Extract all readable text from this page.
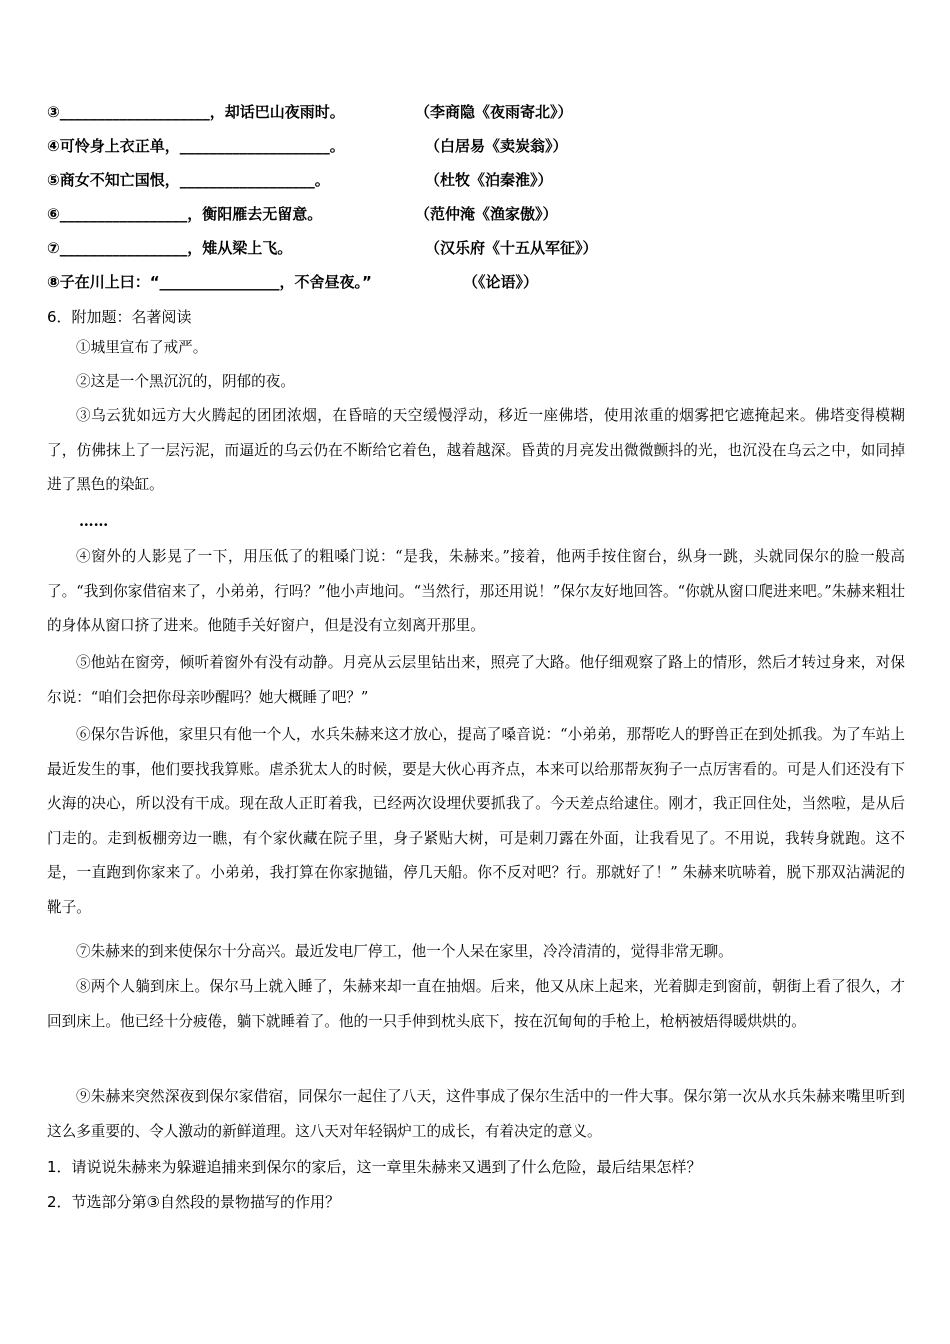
③____________________，却话巴山夜雨时。	（李商隐《夜雨寄北》）
④可怜身上衣正单，____________________。	（白居易《卖炭翁》）
⑤商女不知亡国恨，__________________。	（杜牧《泊秦淮》）
⑥_________________，衡阳雁去无留意。	（范仲淹《渔家傲》）
⑦_________________，雉从梁上飞。	（汉乐府《十五从军征》）
⑧子在川上曰：“________________，不舍昼夜。”	（《论语》）
6．附加题：名著阅读
①城里宣布了戒严。
②这是一个黑沉沉的，阴郁的夜。
③乌云犹如远方大火腾起的团团浓烟，在昏暗的天空缓慢浮动，移近一座佛塔，使用浓重的烟雾把它遮掩起来。佛塔变得模糊了，仿佛抹上了一层污泥，而逼近的乌云仍在不断给它着色，越着越深。昏黄的月亮发出微微颤抖的光，也沉没在乌云之中，如同掉进了黑色的染缸。
……
④窗外的人影晃了一下，用压低了的粗嗓门说：“是我，朱赫来。”接着，他两手按住窗台，纵身一跳，头就同保尔的脸一般高了。“我到你家借宿来了，小弟弟，行吗？”他小声地问。“当然行，那还用说！”保尔友好地回答。“你就从窗口爬进来吧。”朱赫来粗壮的身体从窗口挤了进来。他随手关好窗户，但是没有立刻离开那里。
⑤他站在窗旁，倾听着窗外有没有动静。月亮从云层里钻出来，照亮了大路。他仔细观察了路上的情形，然后才转过身来，对保尔说：“咱们会把你母亲吵醒吗？她大概睡了吧？”
⑥保尔告诉他，家里只有他一个人，水兵朱赫来这才放心，提高了嗓音说：“小弟弟，那帮吃人的野兽正在到处抓我。为了车站上最近发生的事，他们要找我算账。虐杀犹太人的时候，要是大伙心再齐点，本来可以给那帮灰狗子一点厉害看的。可是人们还没有下火海的决心，所以没有干成。现在敌人正盯着我，已经两次设埋伏要抓我了。今天差点给逮住。刚才，我正回住处，当然啦，是从后门走的。走到板棚旁边一瞧，有个家伙藏在院子里，身子紧贴大树，可是刺刀露在外面，让我看见了。不用说，我转身就跑。这不是，一直跑到你家来了。小弟弟，我打算在你家抛锚，停几天船。你不反对吧？行。那就好了！” 朱赫来吭哧着，脱下那双沾满泥的靴子。
⑦朱赫来的到来使保尔十分高兴。最近发电厂停工，他一个人呆在家里，冷冷清清的，觉得非常无聊。
⑧两个人躺到床上。保尔马上就入睡了，朱赫来却一直在抽烟。后来，他又从床上起来，光着脚走到窗前，朝街上看了很久，才回到床上。他已经十分疲倦，躺下就睡着了。他的一只手伸到枕头底下，按在沉甸甸的手枪上，枪柄被焐得暖烘烘的。
⑨朱赫来突然深夜到保尔家借宿，同保尔一起住了八天，这件事成了保尔生活中的一件大事。保尔第一次从水兵朱赫来嘴里听到这么多重要的、令人激动的新鲜道理。这八天对年轻锅炉工的成长，有着决定的意义。
1．请说说朱赫来为躲避追捕来到保尔的家后，这一章里朱赫来又遇到了什么危险，最后结果怎样？
2．节选部分第③自然段的景物描写的作用？
